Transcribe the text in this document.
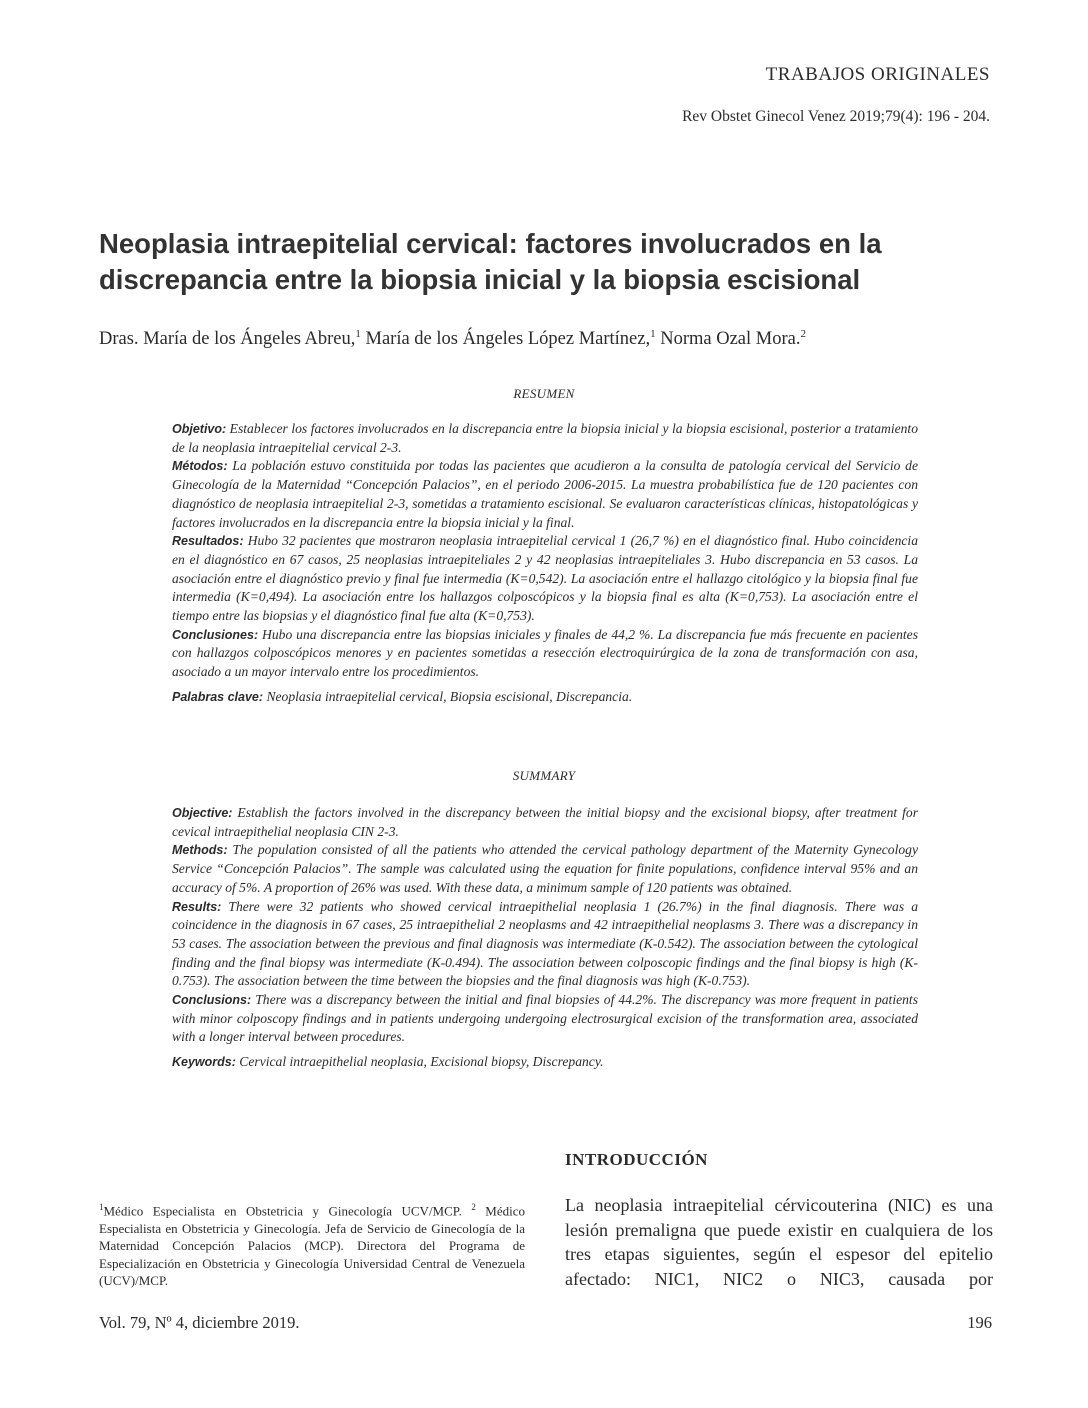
TRABAJOS ORIGINALES
Rev Obstet Ginecol Venez 2019;79(4): 196 - 204.
Neoplasia intraepitelial cervical: factores involucrados en la
discrepancia entre la biopsia inicial y la biopsia escisional
Dras. María de los Ángeles Abreu,$^1$ María de los Ángeles López Martínez,$^1$ Norma Ozal Mora.$^2$
RESUMEN

Objetivo: Establecer los factores involucrados en la discrepancia entre la biopsia inicial y la biopsia escisional, posterior a tratamiento de la neoplasia intraepitelial cervical 2-3.

Métodos: La población estuvo constituida por todas las pacientes que acudieron a la consulta de patología cervical del Servicio de Ginecología de la Maternidad “Concepción Palacios”, en el periodo 2006-2015. La muestra probabilística fue de 120 pacientes con diagnóstico de neoplasia intraepitelial 2-3, sometidas a tratamiento escisional. Se evaluaron características clínicas, histopatológicas y factores involucrados en la discrepancia entre la biopsia inicial y la final.

Resultados: Hubo 32 pacientes que mostraron neoplasia intraepitelial cervical 1 (26,7 %) en el diagnóstico final. Hubo coincidencia en el diagnóstico en 67 casos, 25 neoplasias intraepiteliales 2 y 42 neoplasias intraepiteliales 3. Hubo discrepancia en 53 casos. La asociación entre el diagnóstico previo y final fue intermedia (K=0,542). La asociación entre el hallazgo citológico y la biopsia final fue intermedia (K=0,494). La asociación entre los hallazgos colposcópicos y la biopsia final es alta (K=0,753). La asociación entre el tiempo entre las biopsias y el diagnóstico final fue alta (K=0,753).

Conclusiones: Hubo una discrepancia entre las biopsias iniciales y finales de 44,2 %. La discrepancia fue más frecuente en pacientes con hallazgos colposcópicos menores y en pacientes sometidas a resección electroquirúrgica de la zona de transformación con asa, asociado a un mayor intervalo entre los procedimientos.

Palabras clave: Neoplasia intraepitelial cervical, Biopsia escisional, Discrepancia.

SUMMARY

Objective: Establish the factors involved in the discrepancy between the initial biopsy and the excisional biopsy, after treatment for cevical intraepithelial neoplasia CIN 2-3.

Methods: The population consisted of all the patients who attended the cervical pathology department of the Maternity Gynecology Service “Concepción Palacios”. The sample was calculated using the equation for finite populations, confidence interval 95% and an accuracy of 5%. A proportion of 26% was used. With these data, a minimum sample of 120 patients was obtained.

Results: There were 32 patients who showed cervical intraepithelial neoplasia 1 (26.7%) in the final diagnosis. There was a coincidence in the diagnosis in 67 cases, 25 intraepithelial 2 neoplasms and 42 intraepithelial neoplasms 3. There was a discrepancy in 53 cases. The association between the previous and final diagnosis was intermediate (K-0.542). The association between the cytological finding and the final biopsy was intermediate (K-0.494). The association between colposcopic findings and the final biopsy is high (K-0.753). The association between the time between the biopsies and the final diagnosis was high (K-0.753).

Conclusions: There was a discrepancy between the initial and final biopsies of 44.2%. The discrepancy was more frequent in patients with minor colposcopy findings and in patients undergoing undergoing electrosurgical excision of the transformation area, associated with a longer interval between procedures.

Keywords: Cervical intraepithelial neoplasia, Excisional biopsy, Discrepancy.

INTRODUCCIÓN
$^1$Médico Especialista en Obstetricia y Ginecología UCV/MCP. $^2$ Médico Especialista en Obstetricia y Ginecología. Jefa de Servicio de Ginecología de la Maternidad Concepción Palacios (MCP). Directora del Programa de Especialización en Obstetricia y Ginecología Universidad Central de Venezuela (UCV)/MCP.

La neoplasia intraepitelial cérvicouterina (NIC) es una lesión premaligna que puede existir en cualquiera de los tres etapas siguientes, según el espesor del epitelio afectado: NIC1, NIC2 o NIC3, causada por

Vol. 79, Nº 4, diciembre 2019.	196
